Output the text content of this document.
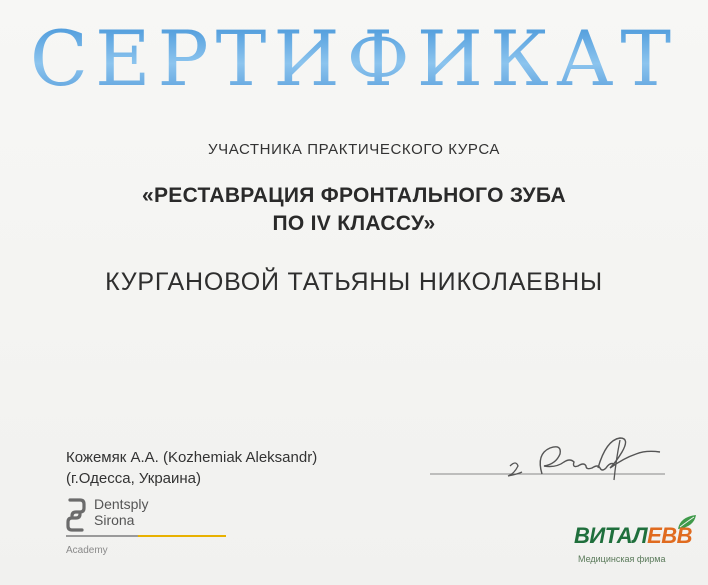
СЕРТИФИКАТ
УЧАСТНИКА ПРАКТИЧЕСКОГО КУРСА
«РЕСТАВРАЦИЯ ФРОНТАЛЬНОГО ЗУБА
ПО IV КЛАССУ»
КУРГАНОВОЙ ТАТЬЯНЫ НИКОЛАЕВНЫ
Кожемяк А.А. (Kozhemiak Aleksandr)
(г.Одесса, Украина)
Dentsply
Sirona
Academy
ВИТАЛEBB
Медицинская фирма
